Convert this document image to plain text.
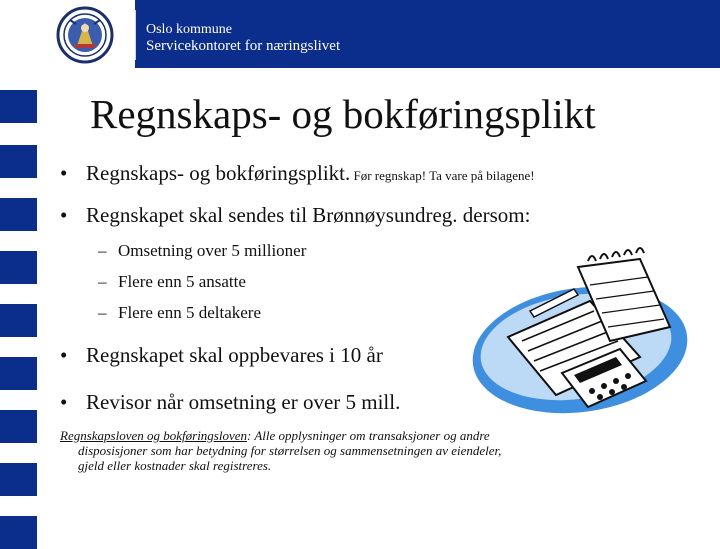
Oslo kommune
Servicekontoret for næringslivet
Regnskaps- og bokføringsplikt
• Regnskaps- og bokføringsplikt. Før regnskap! Ta vare på bilagene!
• Regnskapet skal sendes til Brønnøysundreg. dersom:
– Omsetning over 5 millioner
– Flere enn 5 ansatte
– Flere enn 5 deltakere
• Regnskapet skal oppbevares i 10 år
• Revisor når omsetning er over 5 mill.
Regnskapsloven og bokføringsloven: Alle opplysninger om transaksjoner og andre
disposisjoner som har betydning for størrelsen og sammensetningen av eiendeler,
gjeld eller kostnader skal registreres.
